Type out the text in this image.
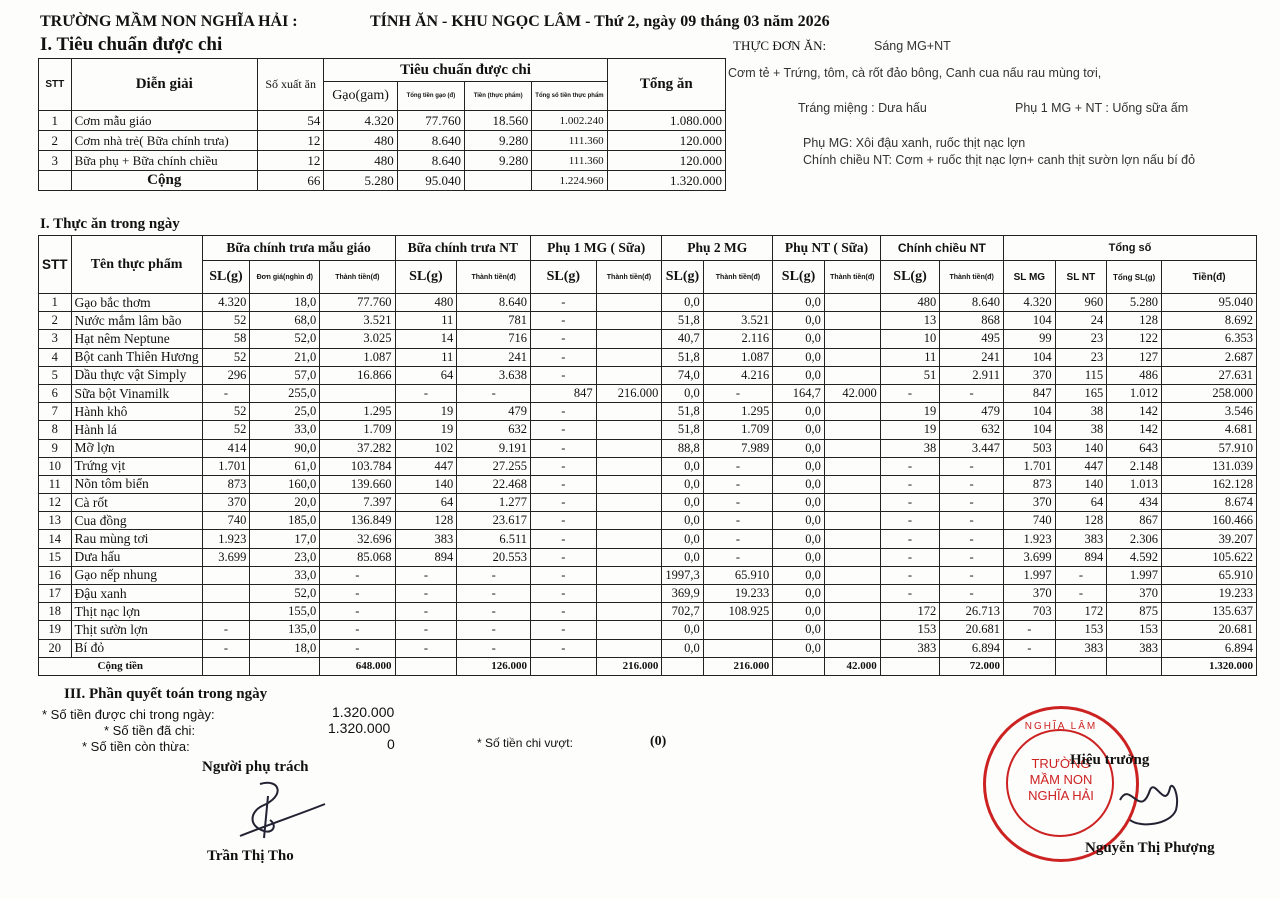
TRƯỜNG MẦM NON NGHĨA HẢI :	TÍNH ĂN - KHU NGỌC LÂM - Thứ 2, ngày 09 tháng 03 năm 2026
I. Tiêu chuẩn được chi	THỰC ĐƠN ĂN:	Sáng MG+NT
Cơm tẻ + Trứng, tôm, cà rốt đảo bông, Canh cua nấu rau mùng tơi,
Tráng miệng : Dưa hấu	Phụ 1 MG + NT : Uống sữa ấm
Phụ MG: Xôi đậu xanh, ruốc thịt nạc lợn
Chính chiều NT: Cơm + ruốc thịt nạc lợn+ canh thịt sườn lợn nấu bí đỏ
STT	Diễn giải	Số xuất ăn	Tiêu chuẩn được chi				Tổng ăn
			Gạo(gam)	Tổng tiền gạo (đ)	Tiền (thực phẩm)	Tổng số tiền thực phẩm	
1	Cơm mẫu giáo	54	4.320	77.760	18.560	1.002.240	1.080.000
2	Cơm nhà trẻ( Bữa chính trưa)	12	480	8.640	9.280	111.360	120.000
3	Bữa phụ + Bữa chính chiều	12	480	8.640	9.280	111.360	120.000
	Cộng	66	5.280	95.040		1.224.960	1.320.000
I. Thực ăn trong ngày
STT	Tên thực phẩm	Bữa chính trưa mẫu giáo			Bữa chính trưa NT		Phụ 1 MG ( Sữa)		Phụ 2 MG		Phụ NT ( Sữa)		Chính chiều NT		Tổng số			
		SL(g)	Đơn giá(nghìn đ)	Thành tiền(đ)	SL(g)	Thành tiền(đ)	SL(g)	Thành tiền(đ)	SL(g)	Thành tiền(đ)	SL(g)	Thành tiền(đ)	SL(g)	Thành tiền(đ)	SL MG	SL NT	Tổng SL(g)	Tiền(đ)
1	Gạo bắc thơm	4.320	18,0	77.760	480	8.640	-		0,0		0,0		480	8.640	4.320	960	5.280	95.040
2	Nước mắm lâm bão	52	68,0	3.521	11	781	-		51,8	3.521	0,0		13	868	104	24	128	8.692
3	Hạt nêm Neptune	58	52,0	3.025	14	716	-		40,7	2.116	0,0		10	495	99	23	122	6.353
4	Bột canh Thiên Hương	52	21,0	1.087	11	241	-		51,8	1.087	0,0		11	241	104	23	127	2.687
5	Dầu thực vật Simply	296	57,0	16.866	64	3.638	-		74,0	4.216	0,0		51	2.911	370	115	486	27.631
6	Sữa bột Vinamilk	-	255,0		-	-	847	216.000	0,0	-	164,7	42.000	-	-	847	165	1.012	258.000
7	Hành khô	52	25,0	1.295	19	479	-		51,8	1.295	0,0		19	479	104	38	142	3.546
8	Hành lá	52	33,0	1.709	19	632	-		51,8	1.709	0,0		19	632	104	38	142	4.681
9	Mỡ lợn	414	90,0	37.282	102	9.191	-		88,8	7.989	0,0		38	3.447	503	140	643	57.910
10	Trứng vịt	1.701	61,0	103.784	447	27.255	-		0,0	-	0,0		-	-	1.701	447	2.148	131.039
11	Nõn tôm biển	873	160,0	139.660	140	22.468	-		0,0	-	0,0		-	-	873	140	1.013	162.128
12	Cà rốt	370	20,0	7.397	64	1.277	-		0,0	-	0,0		-	-	370	64	434	8.674
13	Cua đồng	740	185,0	136.849	128	23.617	-		0,0	-	0,0		-	-	740	128	867	160.466
14	Rau mùng tơi	1.923	17,0	32.696	383	6.511	-		0,0	-	0,0		-	-	1.923	383	2.306	39.207
15	Dưa hấu	3.699	23,0	85.068	894	20.553	-		0,0	-	0,0		-	-	3.699	894	4.592	105.622
16	Gạo nếp nhung		33,0	-	-	-	-		1997,3	65.910	0,0		-	-	1.997	-	1.997	65.910
17	Đậu xanh		52,0	-	-	-	-		369,9	19.233	0,0		-	-	370	-	370	19.233
18	Thịt nạc lợn		155,0	-	-	-	-		702,7	108.925	0,0		172	26.713	703	172	875	135.637
19	Thịt sườn lợn	-	135,0	-	-	-	-		0,0		0,0		153	20.681	-	153	153	20.681
20	Bí đỏ	-	18,0	-	-	-	-		0,0		0,0		383	6.894	-	383	383	6.894
Cộng tiền				648.000		126.000		216.000		216.000		42.000		72.000				1.320.000
III. Phần quyết toán trong ngày
* Số tiền được chi trong ngày:	1.320.000
* Số tiền đã chi:	1.320.000
* Số tiền còn thừa:	0	* Số tiền chi vượt:	(0)
Người phụ trách
Trần Thị Tho
NGHĨA LÂM
TRƯỜNG
MẦM NON
NGHĨA HẢI
Hiệu trưởng
Nguyễn Thị Phượng
